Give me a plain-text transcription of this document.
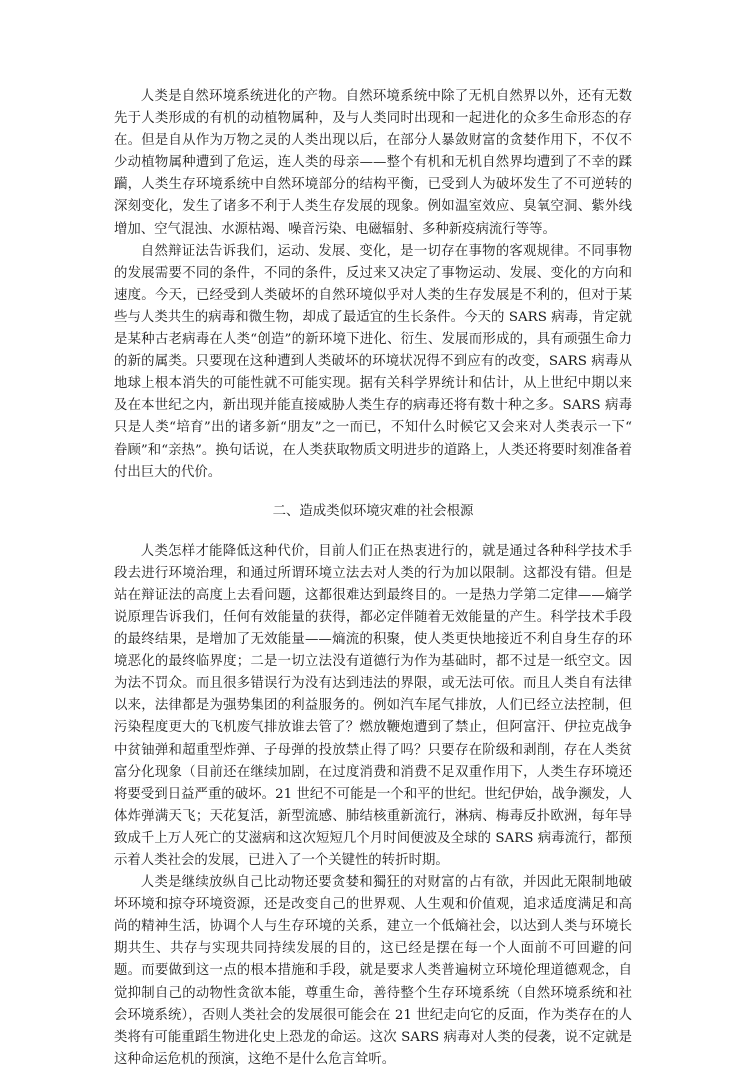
人类是自然环境系统进化的产物。自然环境系统中除了无机自然界以外，还有无数先于人类形成的有机的动植物属种，及与人类同时出现和一起进化的众多生命形态的存在。但是自从作为万物之灵的人类出现以后，在部分人暴敛财富的贪婪作用下，不仅不少动植物属种遭到了危运，连人类的母亲——整个有机和无机自然界均遭到了不幸的蹂躏，人类生存环境系统中自然环境部分的结构平衡，已受到人为破坏发生了不可逆转的深刻变化，发生了诸多不利于人类生存发展的现象。例如温室效应、臭氧空洞、紫外线增加、空气混浊、水源枯竭、噪音污染、电磁辐射、多种新疫病流行等等。

自然辩证法告诉我们，运动、发展、变化，是一切存在事物的客观规律。不同事物的发展需要不同的条件，不同的条件，反过来又决定了事物运动、发展、变化的方向和速度。今天，已经受到人类破坏的自然环境似乎对人类的生存发展是不利的，但对于某些与人类共生的病毒和微生物，却成了最适宜的生长条件。今天的 SARS 病毒，肯定就是某种古老病毒在人类“创造”的新环境下进化、衍生、发展而形成的，具有顽强生命力的新的属类。只要现在这种遭到人类破坏的环境状况得不到应有的改变，SARS 病毒从地球上根本消失的可能性就不可能实现。据有关科学界统计和估计，从上世纪中期以来及在本世纪之内，新出现并能直接威胁人类生存的病毒还将有数十种之多。SARS 病毒只是人类“培育”出的诸多新“朋友”之一而已，不知什么时候它又会来对人类表示一下“ 眷顾”和“亲热”。换句话说，在人类获取物质文明进步的道路上，人类还将要时刻准备着付出巨大的代价。

二、造成类似环境灾难的社会根源

人类怎样才能降低这种代价，目前人们正在热衷进行的，就是通过各种科学技术手段去进行环境治理，和通过所谓环境立法去对人类的行为加以限制。这都没有错。但是站在辩证法的高度上去看问题，这都很难达到最终目的。一是热力学第二定律——熵学说原理告诉我们，任何有效能量的获得，都必定伴随着无效能量的产生。科学技术手段的最终结果，是增加了无效能量——熵流的积聚，使人类更快地接近不利自身生存的环境恶化的最终临界度；二是一切立法没有道德行为作为基础时，都不过是一纸空文。因为法不罚众。而且很多错误行为没有达到违法的界限，或无法可依。而且人类自有法律以来，法律都是为强势集团的利益服务的。例如汽车尾气排放，人们已经立法控制，但污染程度更大的飞机废气排放谁去管了？燃放鞭炮遭到了禁止，但阿富汗、伊拉克战争中贫铀弹和超重型炸弹、子母弹的投放禁止得了吗？只要存在阶级和剥削，存在人类贫富分化现象（目前还在继续加剧，在过度消费和消费不足双重作用下，人类生存环境还将要受到日益严重的破坏。21 世纪不可能是一个和平的世纪。世纪伊始，战争濒发，人体炸弹满天飞；天花复活，新型流感、肺结核重新流行，淋病、梅毒反扑欧洲，每年导致成千上万人死亡的艾滋病和这次短短几个月时间便波及全球的 SARS 病毒流行，都预示着人类社会的发展，已进入了一个关键性的转折时期。

人类是继续放纵自己比动物还要贪婪和獨狂的对财富的占有欲，并因此无限制地破坏环境和掠夺环境资源，还是改变自己的世界观、人生观和价值观，追求适度满足和高尚的精神生活，协调个人与生存环境的关系，建立一个低熵社会，以达到人类与环境长期共生、共存与实现共同持续发展的目的，这已经是摆在每一个人面前不可回避的问题。而要做到这一点的根本措施和手段，就是要求人类普遍树立环境伦理道德观念，自觉抑制自己的动物性贪欲本能，尊重生命，善待整个生存环境系统（自然环境系统和社会环境系统），否则人类社会的发展很可能会在 21 世纪走向它的反面，作为类存在的人类将有可能重蹈生物进化史上恐龙的命运。这次 SARS 病毒对人类的侵袭，说不定就是这种命运危机的预演，这绝不是什么危言耸听。
